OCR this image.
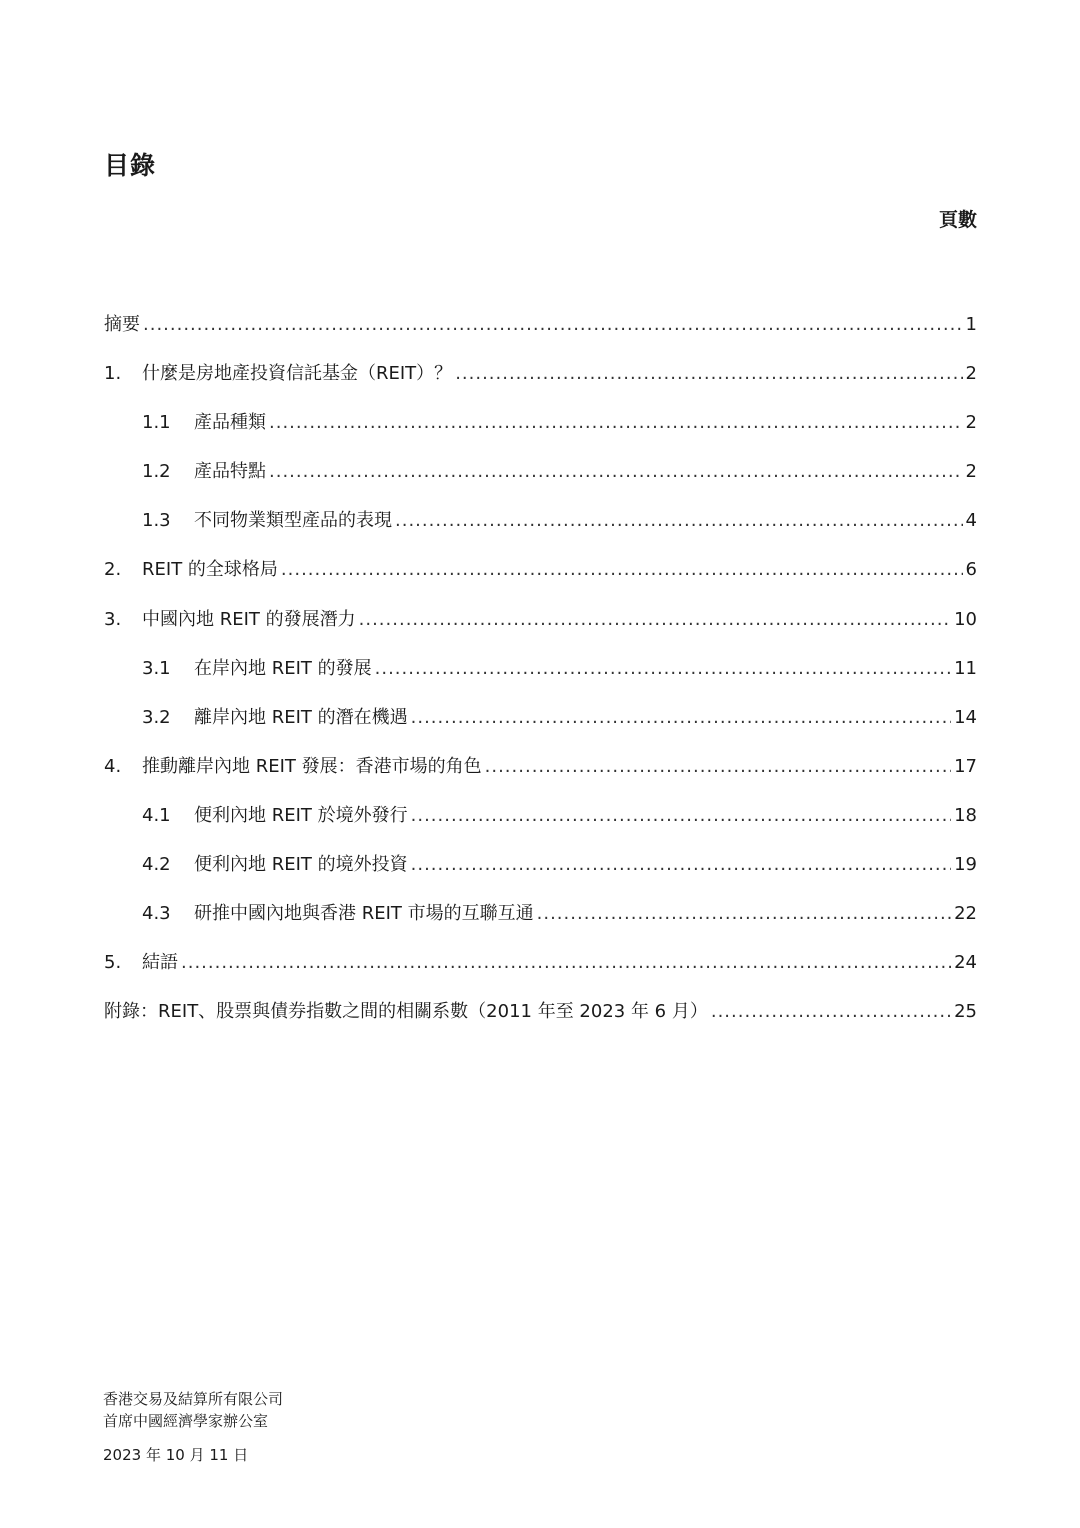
目錄
頁數
摘要 .....	1
1.	什麼是房地產投資信託基金（REIT）？ .....	2
1.1	產品種類 .....	2
1.2	產品特點 .....	2
1.3	不同物業類型產品的表現 .....	4
2.	REIT 的全球格局 .....	6
3.	中國內地 REIT 的發展潛力 .....	10
3.1	在岸內地 REIT 的發展 .....	11
3.2	離岸內地 REIT 的潛在機遇 .....	14
4.	推動離岸內地 REIT 發展：香港市場的角色 .....	17
4.1	便利內地 REIT 於境外發行 .....	18
4.2	便利內地 REIT 的境外投資 .....	19
4.3	研推中國內地與香港 REIT 市場的互聯互通 .....	22
5.	結語 .....	24
附錄：REIT、股票與債券指數之間的相關系數（2011 年至 2023 年 6 月） .....	25
香港交易及結算所有限公司
首席中國經濟學家辦公室
2023 年 10 月 11 日
